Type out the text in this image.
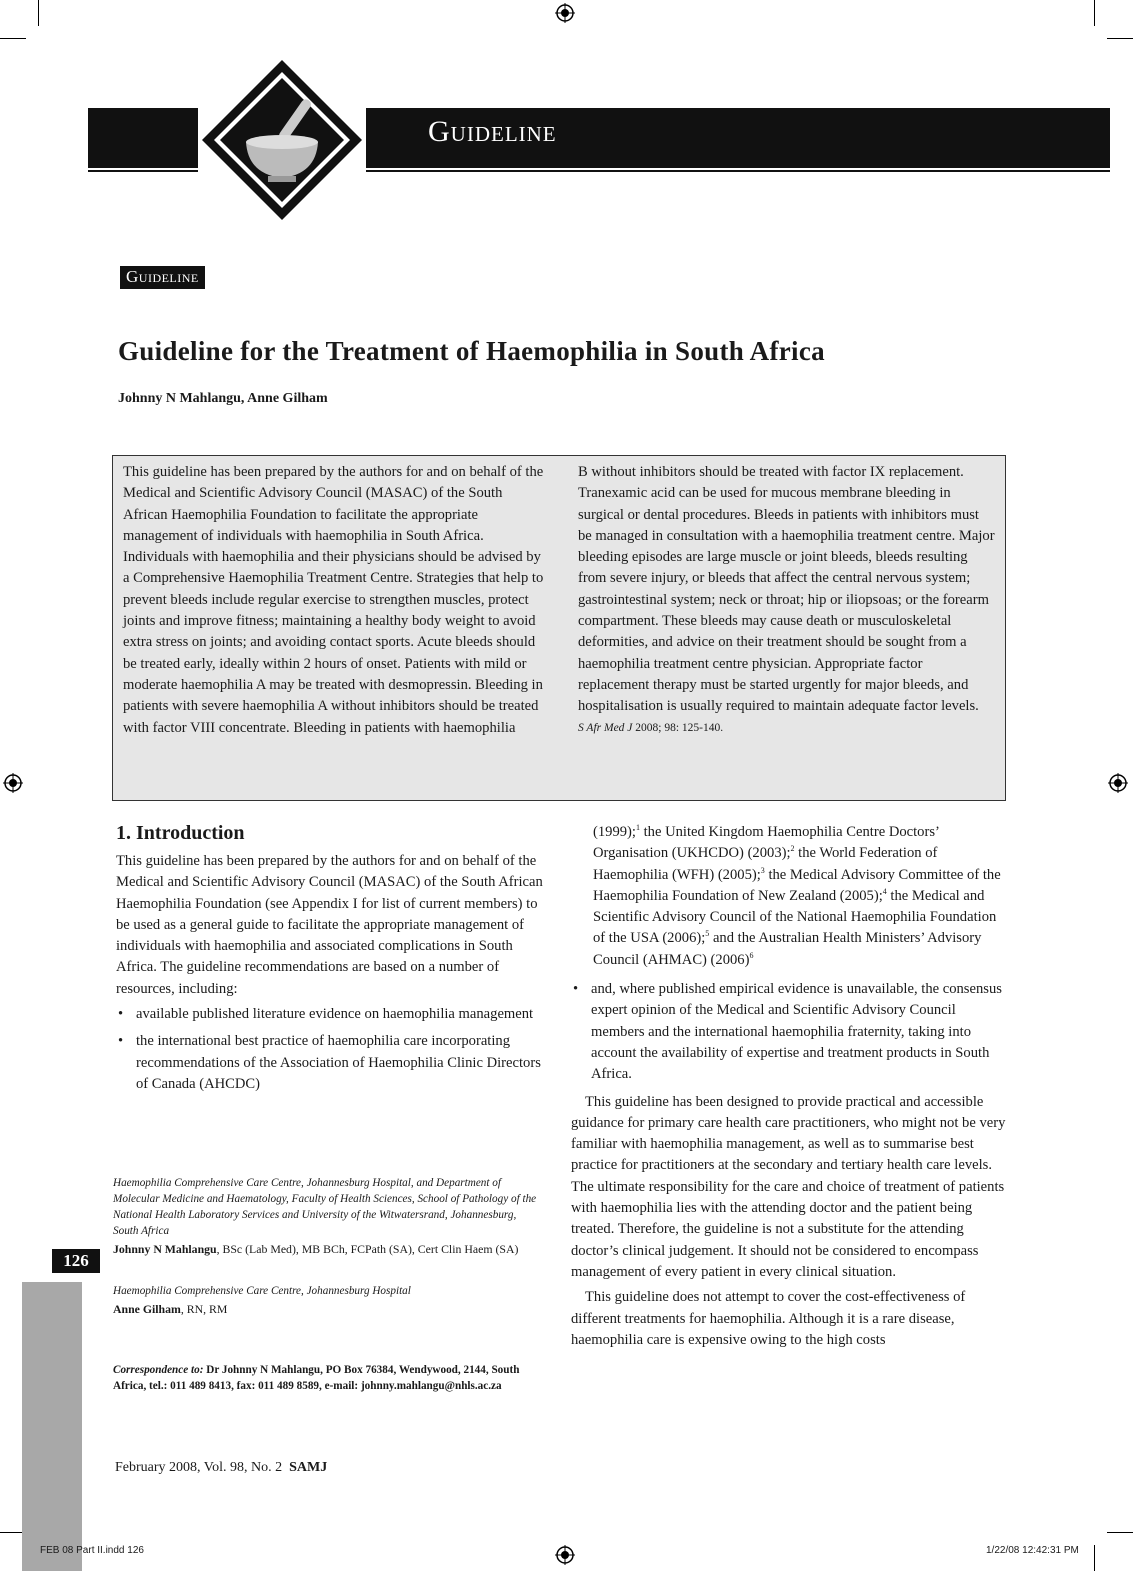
Guideline
Guideline
Guideline for the Treatment of Haemophilia in South Africa
Johnny N Mahlangu, Anne Gilham

This guideline has been prepared by the authors for and on behalf of the Medical and Scientific Advisory Council (MASAC) of the South African Haemophilia Foundation to facilitate the appropriate management of individuals with haemophilia in South Africa. Individuals with haemophilia and their physicians should be advised by a Comprehensive Haemophilia Treatment Centre. Strategies that help to prevent bleeds include regular exercise to strengthen muscles, protect joints and improve fitness; maintaining a healthy body weight to avoid extra stress on joints; and avoiding contact sports. Acute bleeds should be treated early, ideally within 2 hours of onset. Patients with mild or moderate haemophilia A may be treated with desmopressin. Bleeding in patients with severe haemophilia A without inhibitors should be treated with factor VIII concentrate. Bleeding in patients with haemophilia

B without inhibitors should be treated with factor IX replacement. Tranexamic acid can be used for mucous membrane bleeding in surgical or dental procedures. Bleeds in patients with inhibitors must be managed in consultation with a haemophilia treatment centre. Major bleeding episodes are large muscle or joint bleeds, bleeds resulting from severe injury, or bleeds that affect the central nervous system; gastrointestinal system; neck or throat; hip or iliopsoas; or the forearm compartment. These bleeds may cause death or musculoskeletal deformities, and advice on their treatment should be sought from a haemophilia treatment centre physician. Appropriate factor replacement therapy must be started urgently for major bleeds, and hospitalisation is usually required to maintain adequate factor levels.

S Afr Med J 2008; 98: 125-140.

1. Introduction

This guideline has been prepared by the authors for and on behalf of the Medical and Scientific Advisory Council (MASAC) of the South African Haemophilia Foundation (see Appendix I for list of current members) to be used as a general guide to facilitate the appropriate management of individuals with haemophilia and associated complications in South Africa. The guideline recommendations are based on a number of resources, including:

• available published literature evidence on haemophilia management
• the international best practice of haemophilia care incorporating recommendations of the Association of Haemophilia Clinic Directors of Canada (AHCDC)

(1999);$^1$ the United Kingdom Haemophilia Centre Doctors’ Organisation (UKHCDO) (2003);$^2$ the World Federation of Haemophilia (WFH) (2005);$^3$ the Medical Advisory Committee of the Haemophilia Foundation of New Zealand (2005);$^4$ the Medical and Scientific Advisory Council of the National Haemophilia Foundation of the USA (2006);$^5$ and the Australian Health Ministers’ Advisory Council (AHMAC) $(2006)^6$

• and, where published empirical evidence is unavailable, the consensus expert opinion of the Medical and Scientific Advisory Council members and the international haemophilia fraternity, taking into account the availability of expertise and treatment products in South Africa.

This guideline has been designed to provide practical and accessible guidance for primary care health care practitioners, who might not be very familiar with haemophilia management, as well as to summarise best practice for practitioners at the secondary and tertiary health care levels. The ultimate responsibility for the care and choice of treatment of patients with haemophilia lies with the attending doctor and the patient being treated. Therefore, the guideline is not a substitute for the attending doctor’s clinical judgement. It should not be considered to encompass management of every patient in every clinical situation.

This guideline does not attempt to cover the cost-effectiveness of different treatments for haemophilia. Although it is a rare disease, haemophilia care is expensive owing to the high costs

Haemophilia Comprehensive Care Centre, Johannesburg Hospital, and Department of Molecular Medicine and Haematology, Faculty of Health Sciences, School of Pathology of the National Health Laboratory Services and University of the Witwatersrand, Johannesburg, South Africa
Johnny N Mahlangu, BSc (Lab Med), MB BCh, FCPath (SA), Cert Clin Haem (SA)
Haemophilia Comprehensive Care Centre, Johannesburg Hospital
Anne Gilham, RN, RM
Correspondence to: Dr Johnny N Mahlangu, PO Box 76384, Wendywood, 2144, South Africa, tel.: 011 489 8413, fax: 011 489 8589, e-mail: johnny.mahlangu@nhls.ac.za
126
February 2008, Vol. 98, No. 2 SAMJ
FEB 08 Part II.indd 126	1/22/08 12:42:31 PM
